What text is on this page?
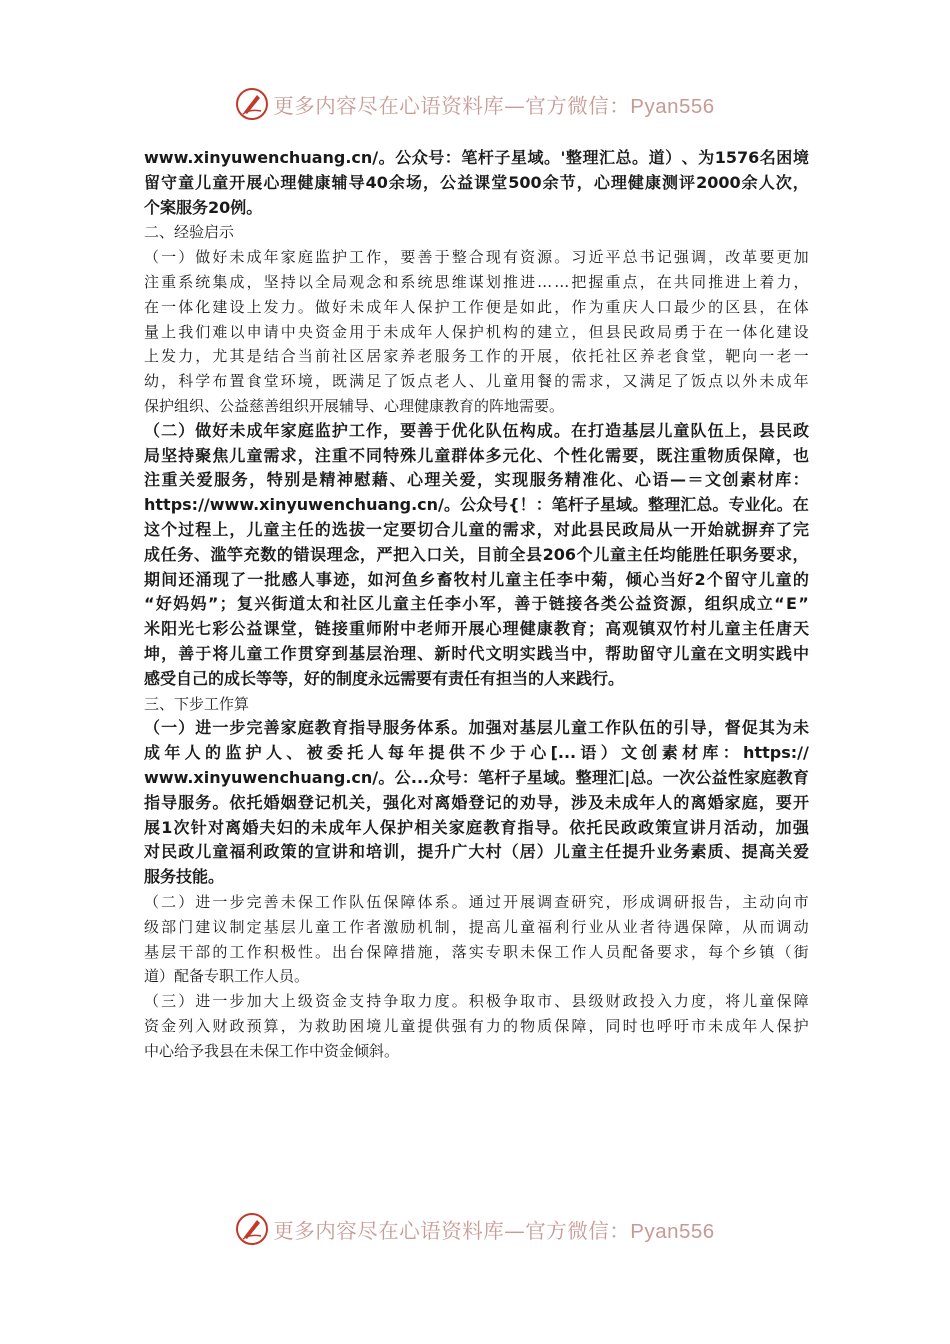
更多内容尽在心语资料库—官方微信：Pyan556
www.xinyuwenchuang.cn/ 。 公 众 号 ： 笔 杆 子 星 域 。 ' 整 理 汇 总 。 道 ） 、 为 1576 名 困 境
留 守 童 儿 童 开 展 心 理 健 康 辅 导 40 余 场 ， 公 益 课 堂 500 余 节 ， 心 理 健 康 测 评 2000 余 人 次 ，
个案服务20例。
二、经验启示
（ 一 ） 做 好 未 成 年 家 庭 监 护 工 作 ， 要 善 于 整 合 现 有 资 源 。 习 近 平 总 书 记 强 调 ， 改 革 要 更 加
注 重 系 统 集 成 ， 坚 持 以 全 局 观 念 和 系 统 思 维 谋 划 推 进 … … 把 握 重 点 ， 在 共 同 推 进 上 着 力 ，
在 一 体 化 建 设 上 发 力 。 做 好 未 成 年 人 保 护 工 作 便 是 如 此 ， 作 为 重 庆 人 口 最 少 的 区 县 ， 在 体
量 上 我 们 难 以 申 请 中 央 资 金 用 于 未 成 年 人 保 护 机 构 的 建 立 ， 但 县 民 政 局 勇 于 在 一 体 化 建 设
上 发 力 ， 尤 其 是 结 合 当 前 社 区 居 家 养 老 服 务 工 作 的 开 展 ， 依 托 社 区 养 老 食 堂 ， 靶 向 一 老 一
幼 ， 科 学 布 置 食 堂 环 境 ， 既 满 足 了 饭 点 老 人 、 儿 童 用 餐 的 需 求 ， 又 满 足 了 饭 点 以 外 未 成 年
保护组织、公益慈善组织开展辅导、心理健康教育的阵地需要。
（ 二 ） 做 好 未 成 年 家 庭 监 护 工 作 ， 要 善 于 优 化 队 伍 构 成 。 在 打 造 基 层 儿 童 队 伍 上 ， 县 民 政
局 坚 持 聚 焦 儿 童 需 求 ， 注 重 不 同 特 殊 儿 童 群 体 多 元 化 、 个 性 化 需 要 ， 既 注 重 物 质 保 障 ， 也
注 重 关 爱 服 务 ， 特 别 是 精 神 慰 藉 、 心 理 关 爱 ， 实 现 服 务 精 准 化 、 心 语 — ＝ 文 创 素 材 库 ：
https://www.xinyuwenchuang.cn/ 。 公 众 号 { ！ ： 笔 杆 子 星 域 。 整 理 汇 总 。 专 业 化 。 在
这 个 过 程 上 ， 儿 童 主 任 的 选 拔 一 定 要 切 合 儿 童 的 需 求 ， 对 此 县 民 政 局 从 一 开 始 就 摒 弃 了 完
成 任 务 、 滥 竽 充 数 的 错 误 理 念 ， 严 把 入 口 关 ， 目 前 全 县 206 个 儿 童 主 任 均 能 胜 任 职 务 要 求 ，
期 间 还 涌 现 了 一 批 感 人 事 迹 ， 如 河 鱼 乡 畜 牧 村 儿 童 主 任 李 中 菊 ， 倾 心 当 好 2 个 留 守 儿 童 的
“ 好 妈 妈 ” ； 复 兴 街 道 太 和 社 区 儿 童 主 任 李 小 军 ， 善 于 链 接 各 类 公 益 资 源 ， 组 织 成 立 “ E ”
米 阳 光 七 彩 公 益 课 堂 ， 链 接 重 师 附 中 老 师 开 展 心 理 健 康 教 育 ； 高 观 镇 双 竹 村 儿 童 主 任 唐 天
坤 ， 善 于 将 儿 童 工 作 贯 穿 到 基 层 治 理 、 新 时 代 文 明 实 践 当 中 ， 帮 助 留 守 儿 童 在 文 明 实 践 中
感受自己的成长等等，好的制度永远需要有责任有担当的人来践行。
三、下步工作算
（ 一 ） 进 一 步 完 善 家 庭 教 育 指 导 服 务 体 系 。 加 强 对 基 层 儿 童 工 作 队 伍 的 引 导 ， 督 促 其 为 未
成 年 人 的 监 护 人 、 被 委 托 人 每 年 提 供 不 少 于 心 [... 语 ） 文 创 素 材 库 ： https://
www.xinyuwenchuang.cn/ 。 公 ... 众 号 ： 笔 杆 子 星 域 。 整 理 汇 | 总 。 一 次 公 益 性 家 庭 教 育
指 导 服 务 。 依 托 婚 姻 登 记 机 关 ， 强 化 对 离 婚 登 记 的 劝 导 ， 涉 及 未 成 年 人 的 离 婚 家 庭 ， 要 开
展 1 次 针 对 离 婚 夫 妇 的 未 成 年 人 保 护 相 关 家 庭 教 育 指 导 。 依 托 民 政 政 策 宣 讲 月 活 动 ， 加 强
对 民 政 儿 童 福 利 政 策 的 宣 讲 和 培 训 ， 提 升 广 大 村 （ 居 ） 儿 童 主 任 提 升 业 务 素 质 、 提 高 关 爱
服务技能。
（ 二 ） 进 一 步 完 善 未 保 工 作 队 伍 保 障 体 系 。 通 过 开 展 调 查 研 究 ， 形 成 调 研 报 告 ， 主 动 向 市
级 部 门 建 议 制 定 基 层 儿 童 工 作 者 激 励 机 制 ， 提 高 儿 童 福 利 行 业 从 业 者 待 遇 保 障 ， 从 而 调 动
基 层 干 部 的 工 作 积 极 性 。 出 台 保 障 措 施 ， 落 实 专 职 未 保 工 作 人 员 配 备 要 求 ， 每 个 乡 镇 （ 街
道）配备专职工作人员。
（ 三 ） 进 一 步 加 大 上 级 资 金 支 持 争 取 力 度 。 积 极 争 取 市 、 县 级 财 政 投 入 力 度 ， 将 儿 童 保 障
资 金 列 入 财 政 预 算 ， 为 救 助 困 境 儿 童 提 供 强 有 力 的 物 质 保 障 ， 同 时 也 呼 吁 市 未 成 年 人 保 护
中心给予我县在未保工作中资金倾斜。
更多内容尽在心语资料库—官方微信：Pyan556
